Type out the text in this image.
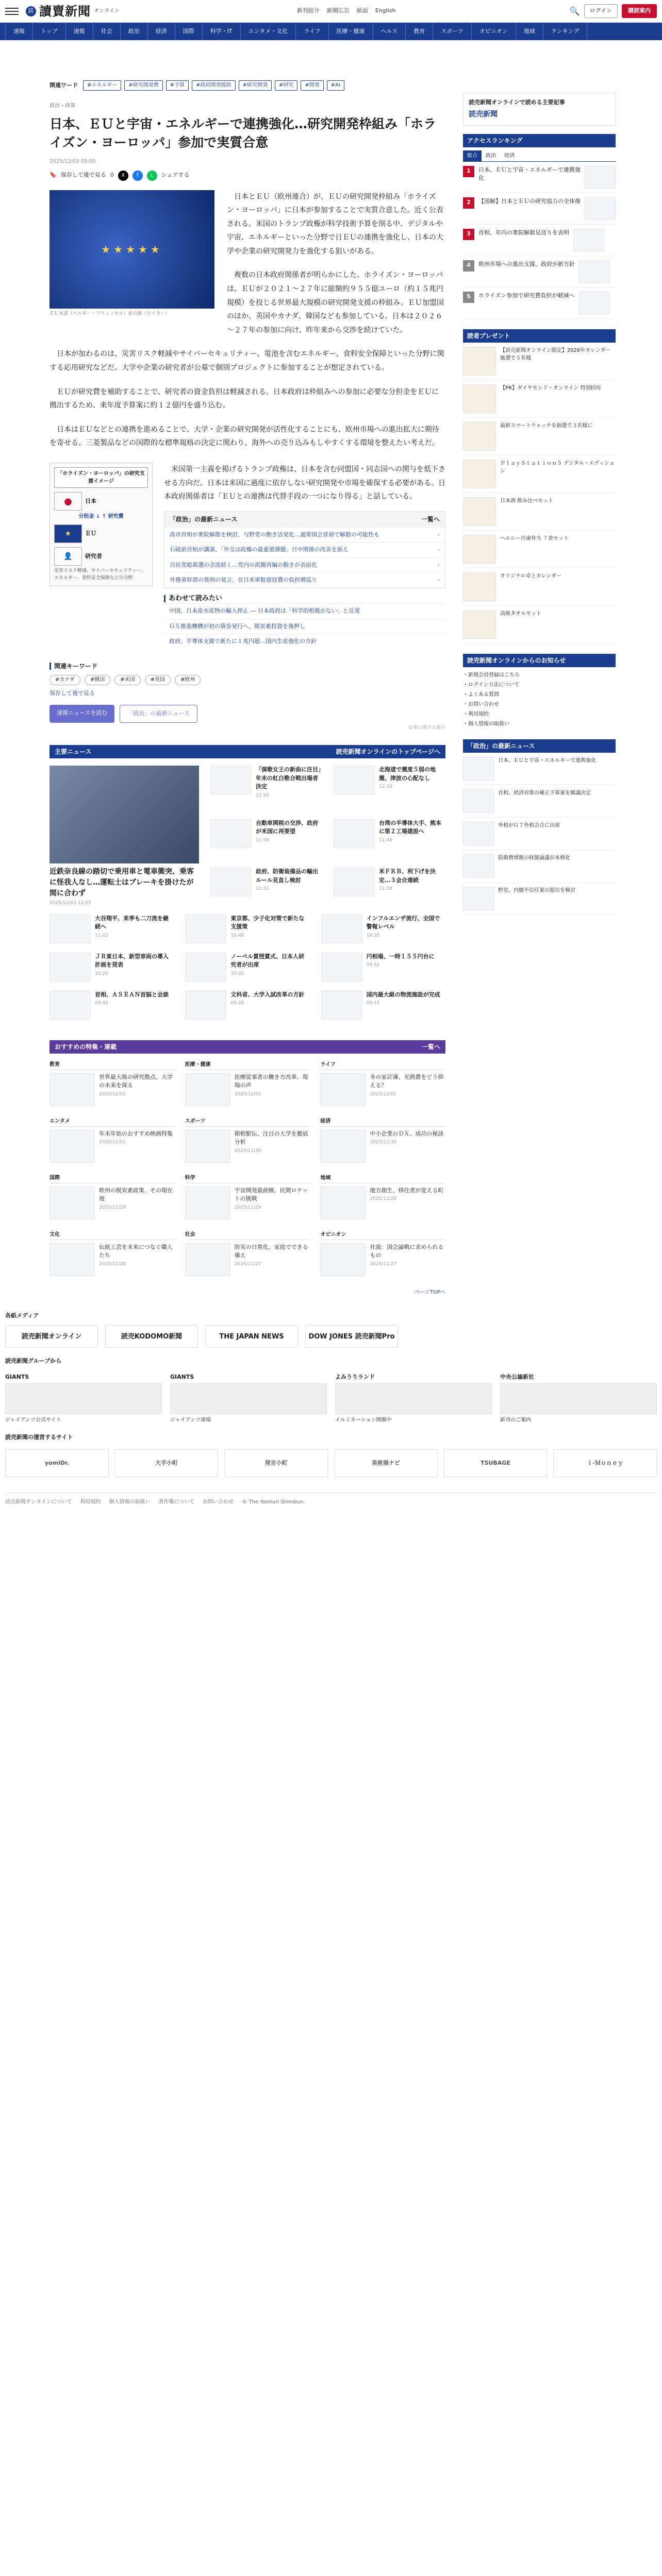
読 讀賣新聞 オンライン	新刊紹介 新聞広告 紙面 English	🔍	ログイン	購読案内
速報	トップ	速報	社会	政治	経済	国際	科学・IT	エンタメ・文化	ライフ	医療・健康	ヘルス	教育	スポーツ	オピニオン	地域	ランキング
関連ワード	#エネルギー	#研究開発費	#予算	#政府開発援助	#研究開発	#研究	#開発	#AI
政治 › 政策
日本、ＥＵと宇宙・エネルギーで連携強化…研究開発枠組み「ホライズン・ヨーロッパ」参加で実質合意
2025/12/03 05:00
🔖 保存して後で見る 0	X	f	L	シェアする
★★★★★
ＥＵ本部（ベルギー・ブリュッセル）前の旗（ロイター）

日本とＥＵ（欧州連合）が、ＥＵの研究開発枠組み「ホライズン・ヨーロッパ」に日本が参加することで実質合意した。近く公表される。米国のトランプ政権が科学技術予算を削る中、デジタルや宇宙、エネルギーといった分野で日ＥＵの連携を強化し、日本の大学や企業の研究開発力を強化する狙いがある。

複数の日本政府関係者が明らかにした。ホライズン・ヨーロッパは、ＥＵが２０２１～２７年に総額約９５５億ユーロ（約１５兆円規模）を投じる世界最大規模の研究開発支援の枠組み。ＥＵ加盟国のほか、英国やカナダ、韓国なども参加している。日本は２０２６～２７年の参加に向け、昨年来から交渉を続けていた。

日本が加わるのは、災害リスク軽減やサイバーセキュリティー、電池を含むエネルギー、食料安全保障といった分野に関する応用研究などだ。大学や企業の研究者が公募で個別プロジェクトに参加することが想定されている。

ＥＵが研究費を補助することで、研究者の資金負担は軽減される。日本政府は枠組みへの参加に必要な分担金をＥＵに拠出するため、来年度予算案に約１２億円を盛り込む。

日本はＥＵなどとの連携を進めることで、大学・企業の研究開発が活性化することにも、欧州市場への進出拡大に期待を寄せる。三菱製品などの国際的な標準規格の決定に関わり、海外への売り込みもしやすくする環境を整えたい考えだ。

「ホライズン・ヨーロッパ」の研究支援イメージ
● 日本
分担金 ↓ ↑ 研究費
★	ＥＵ
👤	研究者
災害リスク軽減、サイバーセキュリティー、エネルギー、食料安全保障などの分野

米国第一主義を掲げるトランプ政権は、日本を含む同盟国・同志国への関与を低下させる方向だ。日本は米国に過度に依存しない研究開発や市場を確保する必要がある。日本政府関係者は「ＥＵとの連携は代替手段の一つになり得る」と話している。

「政治」の最新ニュース	一覧へ
高市首相が衆院解散を検討、与野党の動き活発化…通常国会冒頭で解散の可能性も	›
石破前首相が講演、「外交は政権の最重要課題」日中関係の改善を訴え	›
自民党総裁選の余波続く…党内の派閥再編の動きが表面化	›
外務省幹部の異例の発言、在日米軍駐留経費の負担増巡り	›
あわせて読みたい
中国、日本産水産物の輸入停止 ― 日本政府は「科学的根拠がない」と反発
ＧＸ推進機構が初の債券発行へ、脱炭素投資を後押し
政府、半導体支援で新たに１兆円超…国内生産強化の方針
関連キーワード
#カナダ	#韓国	#米国	#英国	#欧州
保存して後で見る
速報ニュースを読む	「政治」の最新ニュース
記事に関する報告
主要ニュース	読売新聞オンラインのトップページへ
近鉄奈良線の踏切で乗用車と電車衝突、乗客に怪我人なし…運転士はブレーキを掛けたが間に合わず
2025/12/03 12:05
「演歌女王の新曲に注目」年末の紅白歌合戦出場者決定
12:20
北海道で震度５弱の地震、津波の心配なし
12:10
自動車関税の交渉、政府が米国に再要望
11:56
台湾の半導体大手、熊本に第２工場建設へ
11:40
政府、防衛装備品の輸出ルール見直し検討
11:31
米ＦＲＢ、利下げを決定…３会合連続
11:18
大谷翔平、来季も二刀流を継続へ
11:02
東京都、少子化対策で新たな支援策
10:48
インフルエンザ流行、全国で警報レベル
10:35
ＪＲ東日本、新型車両の導入計画を発表
10:20
ノーベル賞授賞式、日本人研究者が出席
10:05
円相場、一時１５５円台に
09:52
首相、ＡＳＥＡＮ首脳と会談
09:40
文科省、大学入試改革の方針
09:28
国内最大級の物流施設が完成
09:15
おすすめの特集・連載	一覧へ
教育
世界最大級の研究拠点、大学の未来を探る
2025/12/02
医療・健康
医療従事者の働き方改革、現場の声
2025/12/02
ライフ
冬の家計簿、光熱費をどう抑える？
2025/12/01
エンタメ
年末年始のおすすめ映画特集
2025/12/01
スポーツ
箱根駅伝、注目の大学を徹底分析
2025/11/30
経済
中小企業のＤＸ、成功の秘訣
2025/11/30
国際
欧州の脱炭素政策、その現在地
2025/11/29
科学
宇宙開発最前線、民間ロケットの挑戦
2025/11/29
地域
地方創生、移住者が変える町
2025/11/28
文化
伝統工芸を未来につなぐ職人たち
2025/11/28
社会
防災の日常化、家庭でできる備え
2025/11/27
オピニオン
社説：国会論戦に求められるもの
2025/11/27
ページTOPへ
読売新聞オンラインで読める主要記事
読売新聞
アクセスランキング
総合	政治	経済
1	日本、ＥＵと宇宙・エネルギーで連携強化
2	【図解】日本とＥＵの研究協力の全体像
3	首相、年内の衆院解散見送りを表明
4	欧州市場への進出支援、政府が新方針
5	ホライズン参加で研究費負担が軽減へ
読者プレゼント
【読売新聞オンライン限定】2026年カレンダー 抽選で５名様
【PR】ダイヤモンド・オンライン 特別招待
最新スマートウォッチを抽選で３名様に
ＰｌａｙＳｔａｔｉｏｎ５ デジタル・エディション
日本酒 飲み比べセット
ヘルシー冷凍弁当 ７食セット
オリジナル卓上カレンダー
高級タオルセット
読売新聞オンラインからのお知らせ
・ 新規会員登録はこちら
・ ログイン方法について
・ よくある質問
・ お問い合わせ
・ 利用規約
・ 個人情報の取扱い
「政治」の最新ニュース
日本、ＥＵと宇宙・エネルギーで連携強化
首相、経済対策の補正予算案を閣議決定
外相がＧ７外相会合に出席
防衛費増額の財源論議が本格化
野党、内閣不信任案の提出を検討
各紙メディア
読売新聞オンライン	読売KODOMO新聞	THE JAPAN NEWS	DOW JONES 読売新聞Pro
読売新聞グループから
GIANTS
ジャイアンツ公式サイト
GIANTS
ジャイアンツ球場
よみうりランド
イルミネーション開催中
中央公論新社
新刊のご案内
読売新聞の運営するサイト
yomiDr.	大手小町	発言小町	美術展ナビ	TSUBAGE	ｉ-Ｍｏｎｅｙ
読売新聞オンラインについて 利用規約 個人情報の取扱い 著作権について お問い合わせ © The Yomiuri Shimbun.
